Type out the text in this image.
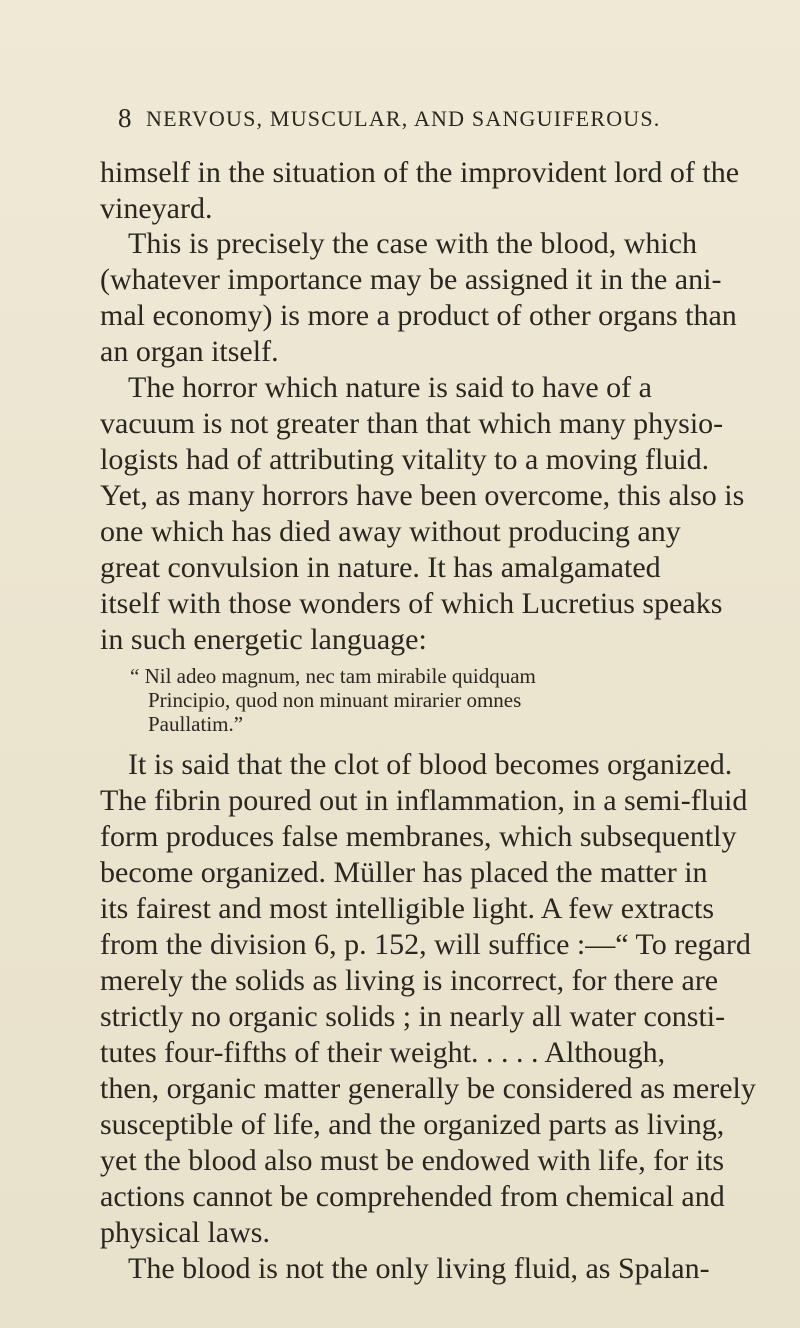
8 NERVOUS, MUSCULAR, AND SANGUIFEROUS.
himself in the situation of the improvident lord of the
vineyard.
This is precisely the case with the blood, which
(whatever importance may be assigned it in the ani-
mal economy) is more a product of other organs than
an organ itself.
The horror which nature is said to have of a
vacuum is not greater than that which many physio-
logists had of attributing vitality to a moving fluid.
Yet, as many horrors have been overcome, this also is
one which has died away without producing any
great convulsion in nature. It has amalgamated
itself with those wonders of which Lucretius speaks
in such energetic language:
“ Nil adeo magnum, nec tam mirabile quidquam
Principio, quod non minuant mirarier omnes
Paullatim.”
It is said that the clot of blood becomes organized.
The fibrin poured out in inflammation, in a semi-fluid
form produces false membranes, which subsequently
become organized. Müller has placed the matter in
its fairest and most intelligible light. A few extracts
from the division 6, p. 152, will suffice :—“ To regard
merely the solids as living is incorrect, for there are
strictly no organic solids ; in nearly all water consti-
tutes four-fifths of their weight. . . . . Although,
then, organic matter generally be considered as merely
susceptible of life, and the organized parts as living,
yet the blood also must be endowed with life, for its
actions cannot be comprehended from chemical and
physical laws.
The blood is not the only living fluid, as Spalan-
